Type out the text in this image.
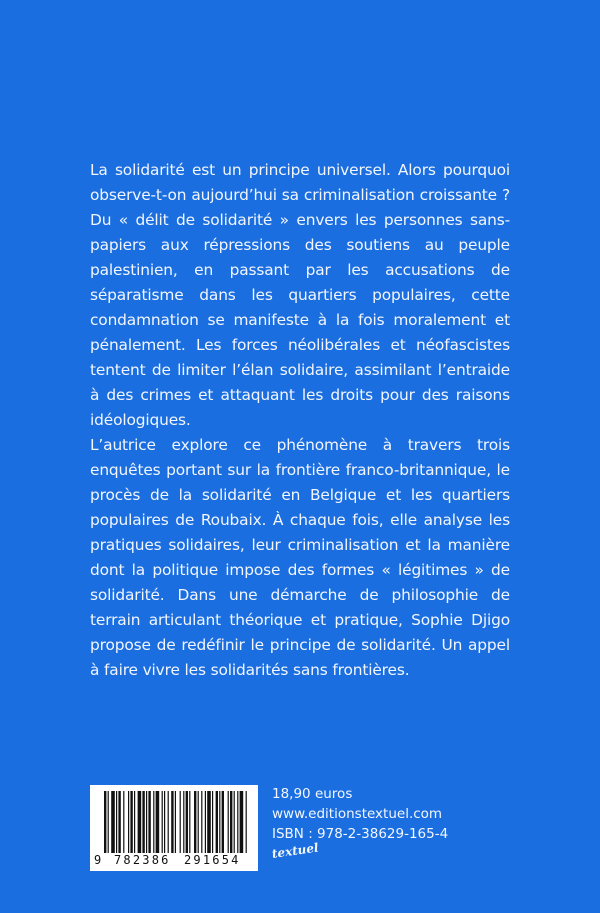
La solidarité est un principe universel. Alors pourquoi observe-t-on aujourd’hui sa criminalisation croissante ? Du « délit de solidarité » envers les personnes sans-papiers aux répressions des soutiens au peuple palestinien, en passant par les accusations de séparatisme dans les quartiers populaires, cette condamnation se manifeste à la fois moralement et pénalement. Les forces néolibérales et néofascistes tentent de limiter l’élan solidaire, assimilant l’entraide à des crimes et attaquant les droits pour des raisons idéologiques.

L’autrice explore ce phénomène à travers trois enquêtes portant sur la frontière franco-britannique, le procès de la solidarité en Belgique et les quartiers populaires de Roubaix. À chaque fois, elle analyse les pratiques solidaires, leur criminalisation et la manière dont la politique impose des formes « légitimes » de solidarité. Dans une démarche de philosophie de terrain articulant théorique et pratique, Sophie Djigo propose de redéfinir le principe de solidarité. Un appel à faire vivre les solidarités sans frontières.

9 782386 291654
18,90 euros
www.editionstextuel.com
ISBN : 978-2-38629-165-4
textuel
